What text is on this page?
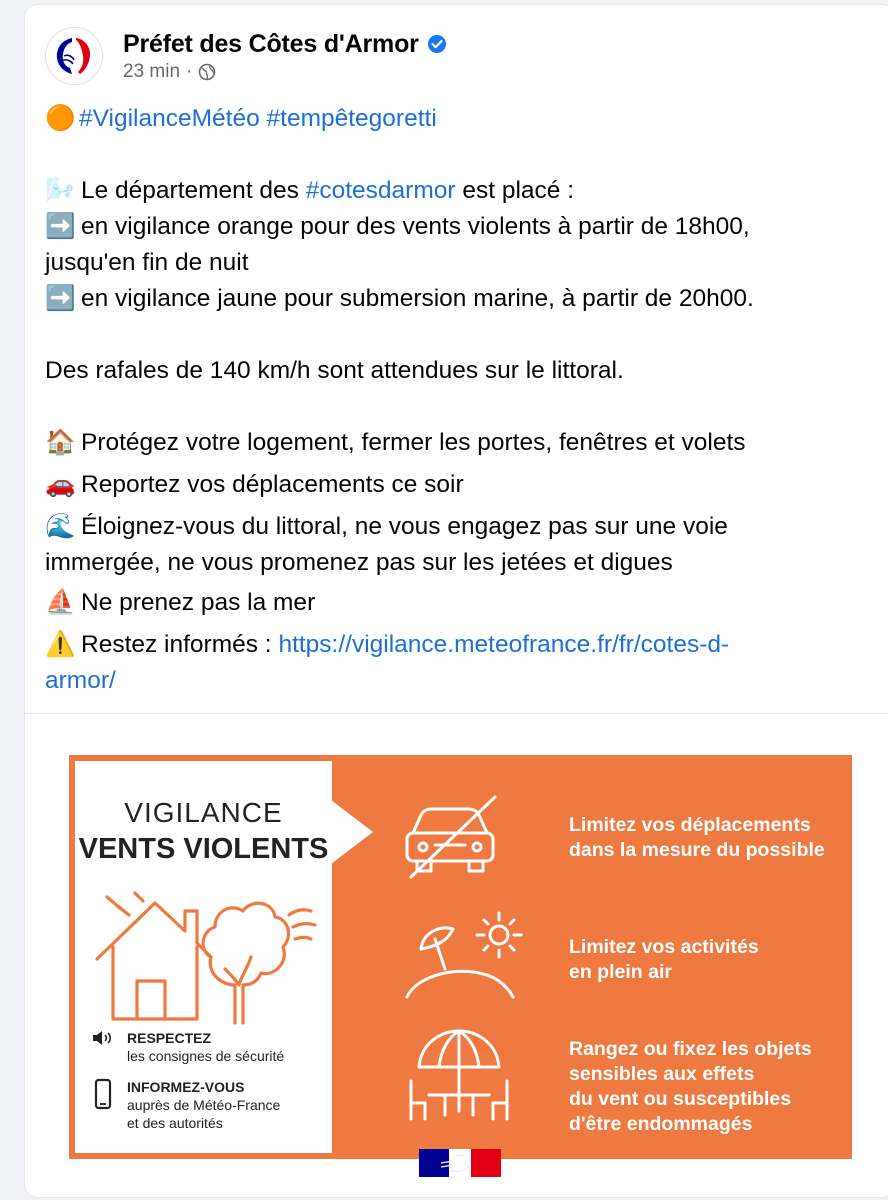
Préfet des Côtes d'Armor
23 min ·
🟠 #VigilanceMétéo #tempêtegoretti
🌬️ Le département des #cotesdarmor est placé :
➡️ en vigilance orange pour des vents violents à partir de 18h00,
jusqu'en fin de nuit
➡️ en vigilance jaune pour submersion marine, à partir de 20h00.
Des rafales de 140 km/h sont attendues sur le littoral.
🏠 Protégez votre logement, fermer les portes, fenêtres et volets
🚗 Reportez vos déplacements ce soir
🌊 Éloignez-vous du littoral, ne vous engagez pas sur une voie
immergée, ne vous promenez pas sur les jetées et digues
⛵ Ne prenez pas la mer
⚠️ Restez informés : https://vigilance.meteofrance.fr/fr/cotes-d-
armor/
VIGILANCE
VENTS VIOLENTS
RESPECTEZ
les consignes de sécurité
INFORMEZ-VOUS
auprès de Météo-France
et des autorités
Limitez vos déplacements
dans la mesure du possible
Limitez vos activités
en plein air
Rangez ou fixez les objets
sensibles aux effets
du vent ou susceptibles
d'être endommagés
